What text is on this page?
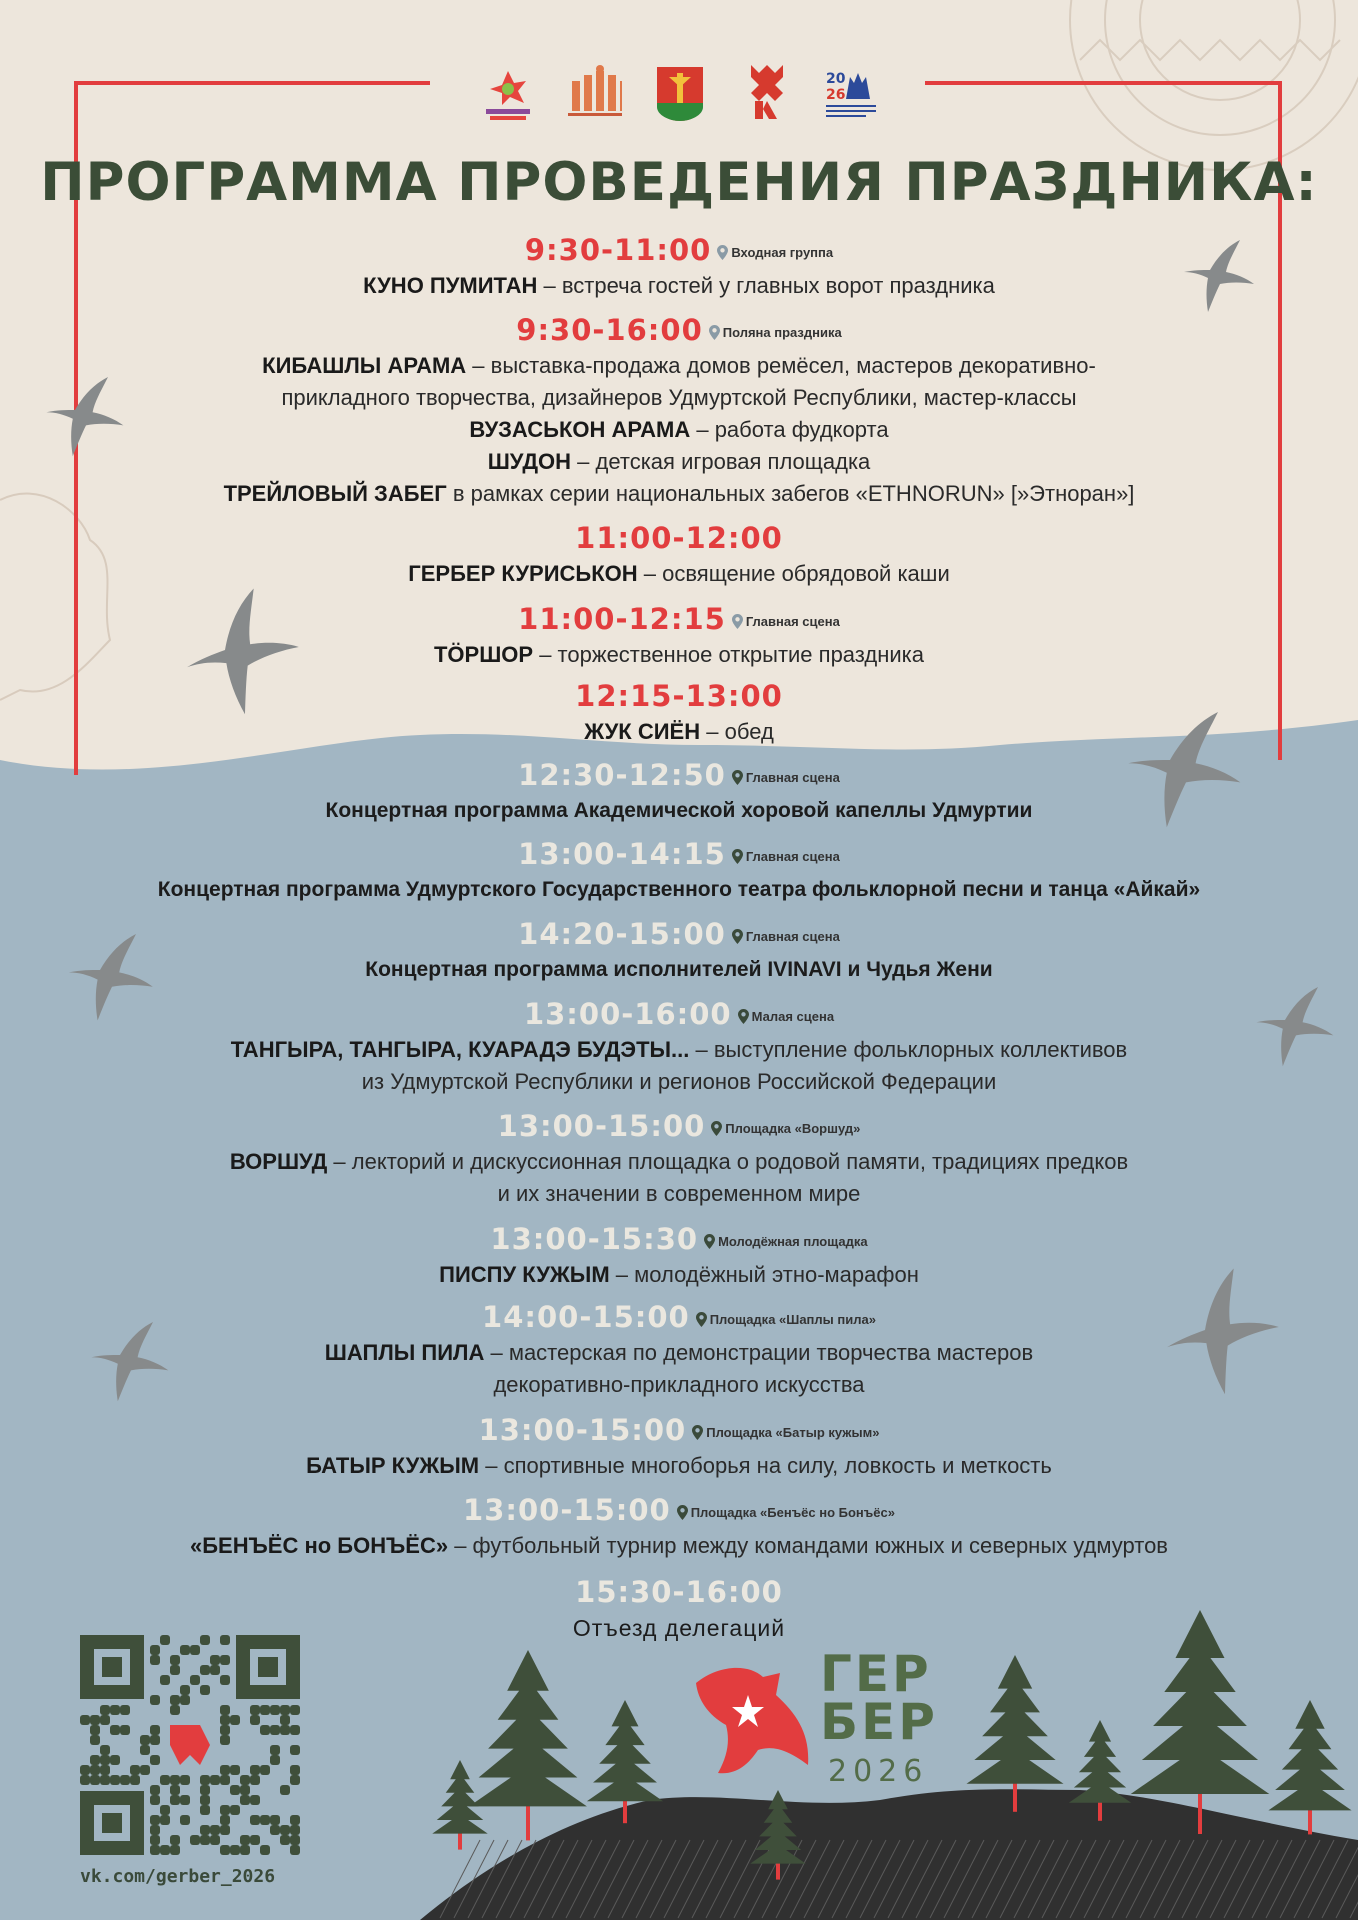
20
26
ПРОГРАММА ПРОВЕДЕНИЯ ПРАЗДНИКА:
9:30-11:00 Входная группа
КУНО ПУМИТАН – встреча гостей у главных ворот праздника
9:30-16:00 Поляна праздника
КИБАШЛЫ АРАМА – выставка-продажа домов ремёсел, мастеров декоративно-
прикладного творчества, дизайнеров Удмуртской Республики, мастер-классы
ВУЗАСЬКОН АРАМА – работа фудкорта
ШУДОН – детская игровая площадка
ТРЕЙЛОВЫЙ ЗАБЕГ в рамках серии национальных забегов «ETHNORUN» [»Этноран»]
11:00-12:00
ГЕРБЕР КУРИСЬКОН – освящение обрядовой каши
11:00-12:15 Главная сцена
ТÖРШОР – торжественное открытие праздника
12:15-13:00
ЖУК СИЁН – обед
12:30-12:50 Главная сцена
Концертная программа Академической хоровой капеллы Удмуртии
13:00-14:15 Главная сцена
Концертная программа Удмуртского Государственного театра фольклорной песни и танца «Айкай»
14:20-15:00 Главная сцена
Концертная программа исполнителей IVINAVI и Чудья Жени
13:00-16:00 Малая сцена
ТАНГЫРА, ТАНГЫРА, КУАРАДЭ БУДЭТЫ... – выступление фольклорных коллективов
из Удмуртской Республики и регионов Российской Федерации
13:00-15:00 Площадка «Воршуд»
ВОРШУД – лекторий и дискуссионная площадка о родовой памяти, традициях предков
и их значении в современном мире
13:00-15:30 Молодёжная площадка
ПИСПУ КУЖЫМ – молодёжный этно-марафон
14:00-15:00 Площадка «Шаплы пила»
ШАПЛЫ ПИЛА – мастерская по демонстрации творчества мастеров
декоративно-прикладного искусства
13:00-15:00 Площадка «Батыр кужым»
БАТЫР КУЖЫМ – спортивные многоборья на силу, ловкость и меткость
13:00-15:00 Площадка «Бенъёс но Бонъёс»
«БЕНЪЁС но БОНЪЁС» – футбольный турнир между командами южных и северных удмуртов
15:30-16:00
Отъезд делегаций
vk.com/gerber_2026
ГЕР
БЕР
2026
